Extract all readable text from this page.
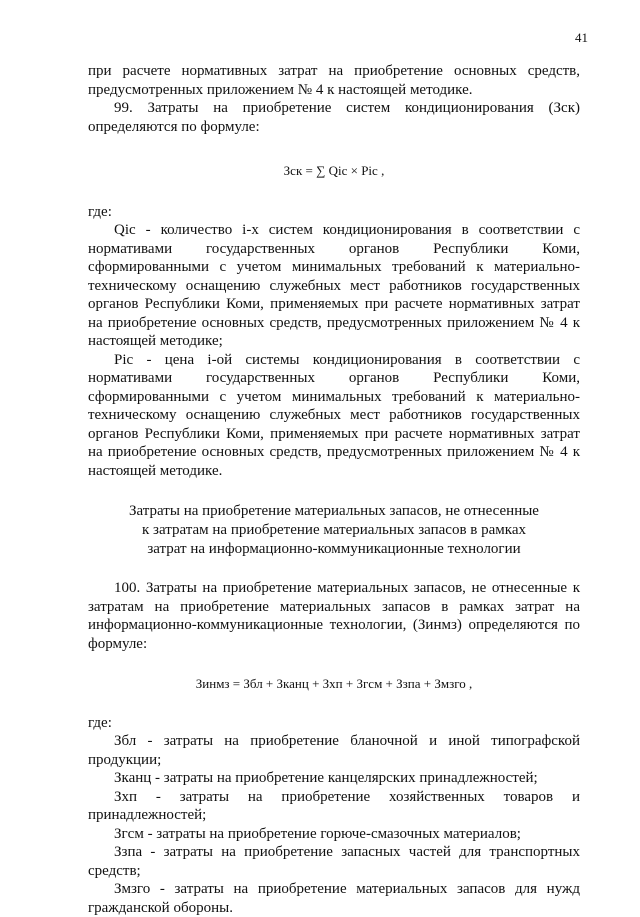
41

при расчете нормативных затрат на приобретение основных средств, предусмотренных приложением № 4 к настоящей методике.

99. Затраты на приобретение систем кондиционирования (Зск) определяются по формуле:

Зск = ∑ Qiс × Piс ,

где:

Qiс - количество i-х систем кондиционирования в соответствии с нормативами государственных органов Республики Коми, сформированными с учетом минимальных требований к материально-техническому оснащению служебных мест работников государственных органов Республики Коми, применяемых при расчете нормативных затрат на приобретение основных средств, предусмотренных приложением № 4 к настоящей методике;

Piс - цена i-ой системы кондиционирования в соответствии с нормативами государственных органов Республики Коми, сформированными с учетом минимальных требований к материально-техническому оснащению служебных мест работников государственных органов Республики Коми, применяемых при расчете нормативных затрат на приобретение основных средств, предусмотренных приложением № 4 к настоящей методике.

Затраты на приобретение материальных запасов, не отнесенные
к затратам на приобретение материальных запасов в рамках
затрат на информационно-коммуникационные технологии

100. Затраты на приобретение материальных запасов, не отнесенные к затратам на приобретение материальных запасов в рамках затрат на информационно-коммуникационные технологии, (Зинмз) определяются по формуле:

Зинмз = Збл + Зканц + Зхп + Згсм + Ззпа + Змзго ,

где:

Збл - затраты на приобретение бланочной и иной типографской продукции;

Зканц - затраты на приобретение канцелярских принадлежностей;

Зхп - затраты на приобретение хозяйственных товаров и принадлежностей;

Згсм - затраты на приобретение горюче-смазочных материалов;

Ззпа - затраты на приобретение запасных частей для транспортных средств;

Змзго - затраты на приобретение материальных запасов для нужд гражданской обороны.
